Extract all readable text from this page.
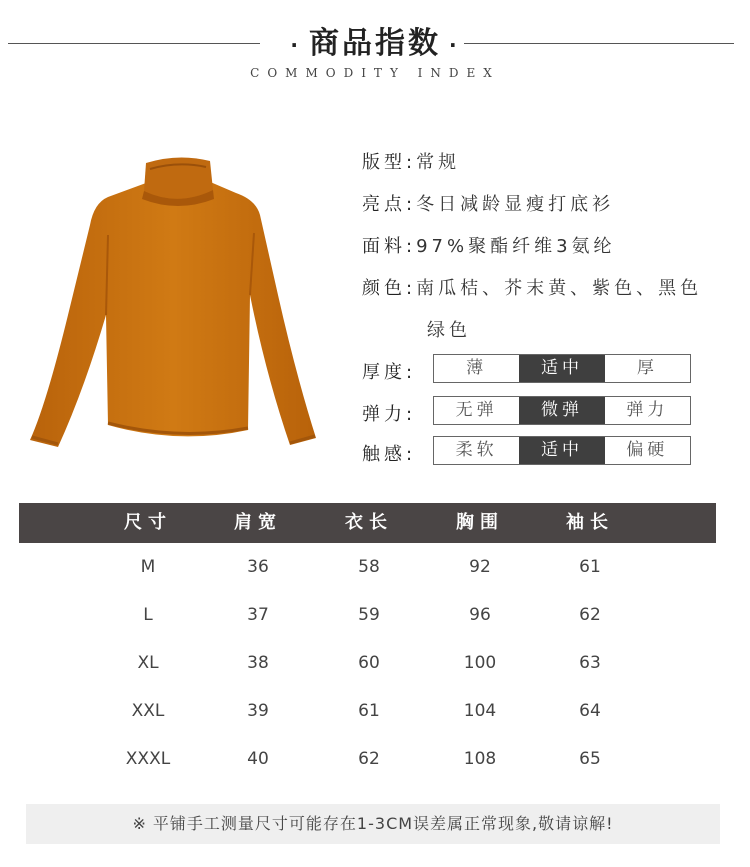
· 商品指数 ·
COMMODITY INDEX
版型:常规
亮点:冬日减龄显瘦打底衫
面料:97%聚酯纤维3氨纶
颜色:南瓜桔、芥末黄、紫色、黑色
绿色
厚度:	薄	适中	厚
弹力:	无弹	微弹	弹力
触感:	柔软	适中	偏硬
尺寸	肩宽	衣长	胸围	袖长
M	36	58	92	61
L	37	59	96	62
XL	38	60	100	63
XXL	39	61	104	64
XXXL	40	62	108	65
※ 平铺手工测量尺寸可能存在1-3CM误差属正常现象,敬请谅解!
